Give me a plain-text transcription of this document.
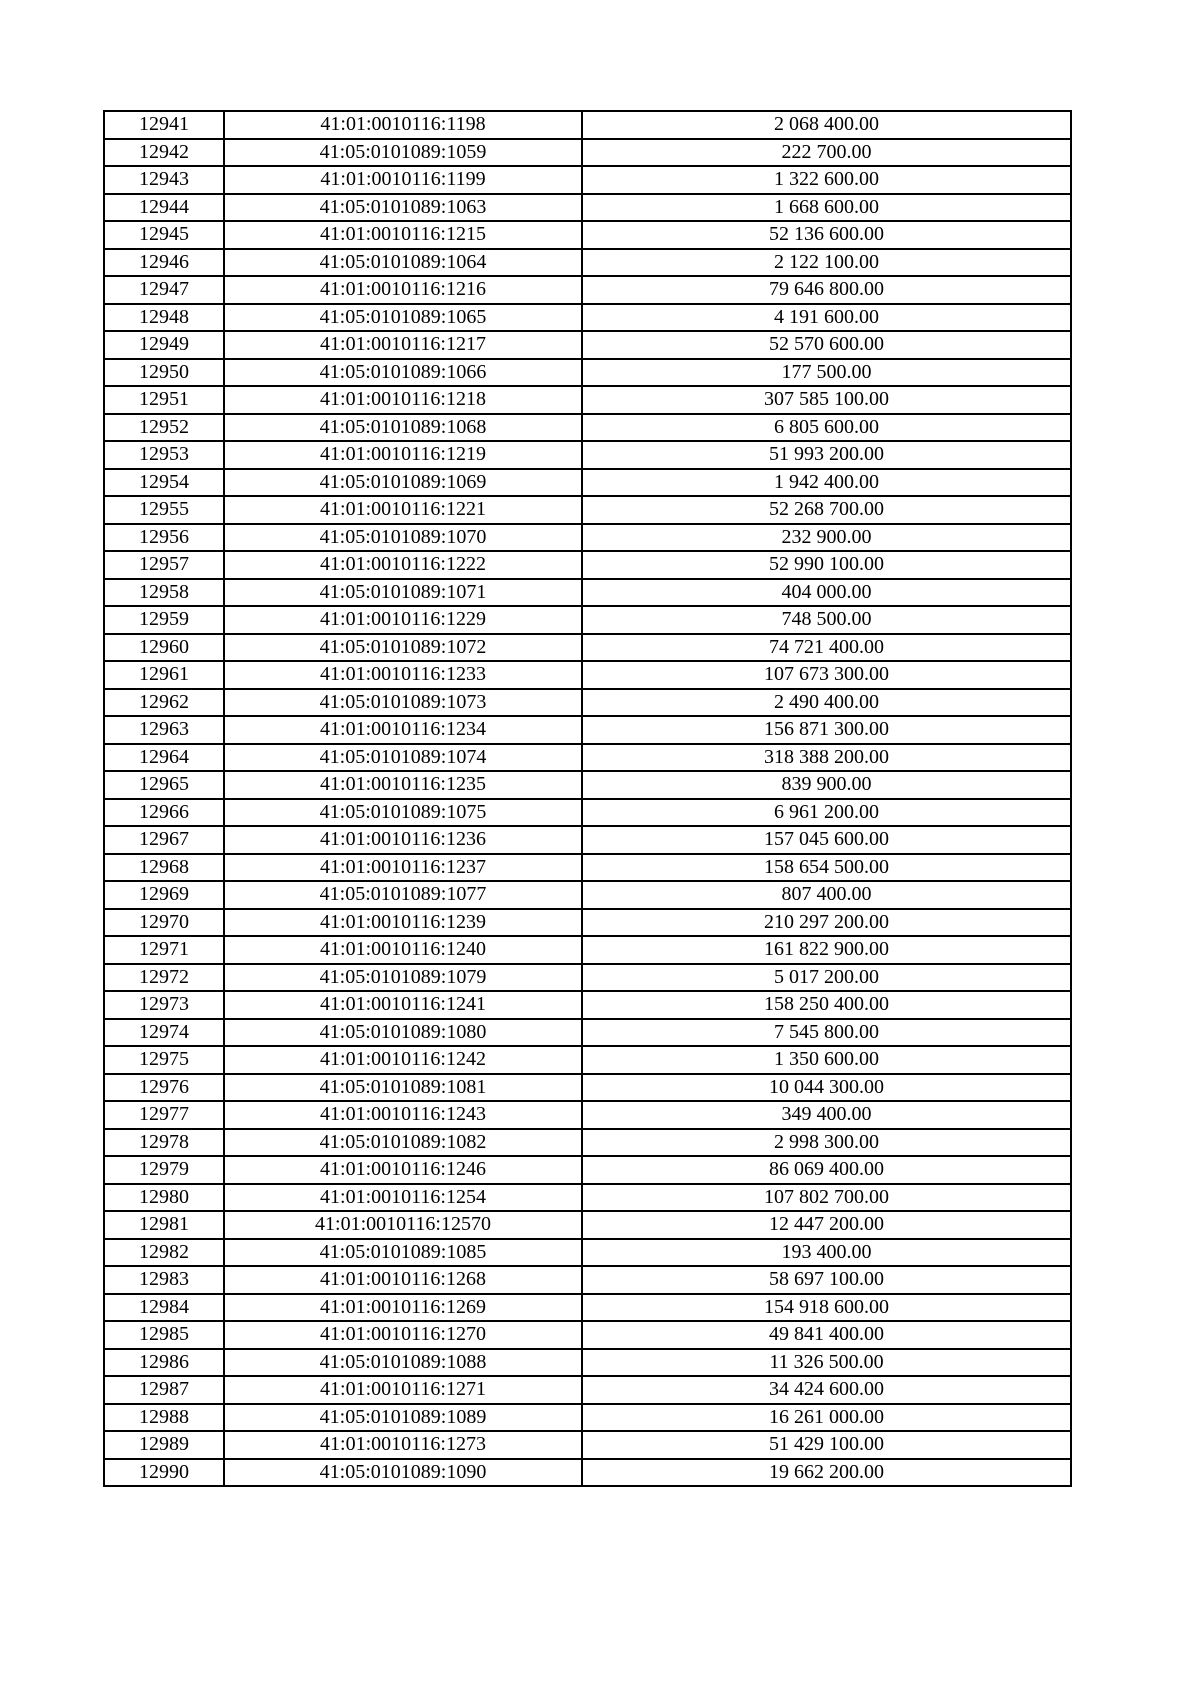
12941	41:01:0010116:1198	2 068 400.00
12942	41:05:0101089:1059	222 700.00
12943	41:01:0010116:1199	1 322 600.00
12944	41:05:0101089:1063	1 668 600.00
12945	41:01:0010116:1215	52 136 600.00
12946	41:05:0101089:1064	2 122 100.00
12947	41:01:0010116:1216	79 646 800.00
12948	41:05:0101089:1065	4 191 600.00
12949	41:01:0010116:1217	52 570 600.00
12950	41:05:0101089:1066	177 500.00
12951	41:01:0010116:1218	307 585 100.00
12952	41:05:0101089:1068	6 805 600.00
12953	41:01:0010116:1219	51 993 200.00
12954	41:05:0101089:1069	1 942 400.00
12955	41:01:0010116:1221	52 268 700.00
12956	41:05:0101089:1070	232 900.00
12957	41:01:0010116:1222	52 990 100.00
12958	41:05:0101089:1071	404 000.00
12959	41:01:0010116:1229	748 500.00
12960	41:05:0101089:1072	74 721 400.00
12961	41:01:0010116:1233	107 673 300.00
12962	41:05:0101089:1073	2 490 400.00
12963	41:01:0010116:1234	156 871 300.00
12964	41:05:0101089:1074	318 388 200.00
12965	41:01:0010116:1235	839 900.00
12966	41:05:0101089:1075	6 961 200.00
12967	41:01:0010116:1236	157 045 600.00
12968	41:01:0010116:1237	158 654 500.00
12969	41:05:0101089:1077	807 400.00
12970	41:01:0010116:1239	210 297 200.00
12971	41:01:0010116:1240	161 822 900.00
12972	41:05:0101089:1079	5 017 200.00
12973	41:01:0010116:1241	158 250 400.00
12974	41:05:0101089:1080	7 545 800.00
12975	41:01:0010116:1242	1 350 600.00
12976	41:05:0101089:1081	10 044 300.00
12977	41:01:0010116:1243	349 400.00
12978	41:05:0101089:1082	2 998 300.00
12979	41:01:0010116:1246	86 069 400.00
12980	41:01:0010116:1254	107 802 700.00
12981	41:01:0010116:12570	12 447 200.00
12982	41:05:0101089:1085	193 400.00
12983	41:01:0010116:1268	58 697 100.00
12984	41:01:0010116:1269	154 918 600.00
12985	41:01:0010116:1270	49 841 400.00
12986	41:05:0101089:1088	11 326 500.00
12987	41:01:0010116:1271	34 424 600.00
12988	41:05:0101089:1089	16 261 000.00
12989	41:01:0010116:1273	51 429 100.00
12990	41:05:0101089:1090	19 662 200.00
